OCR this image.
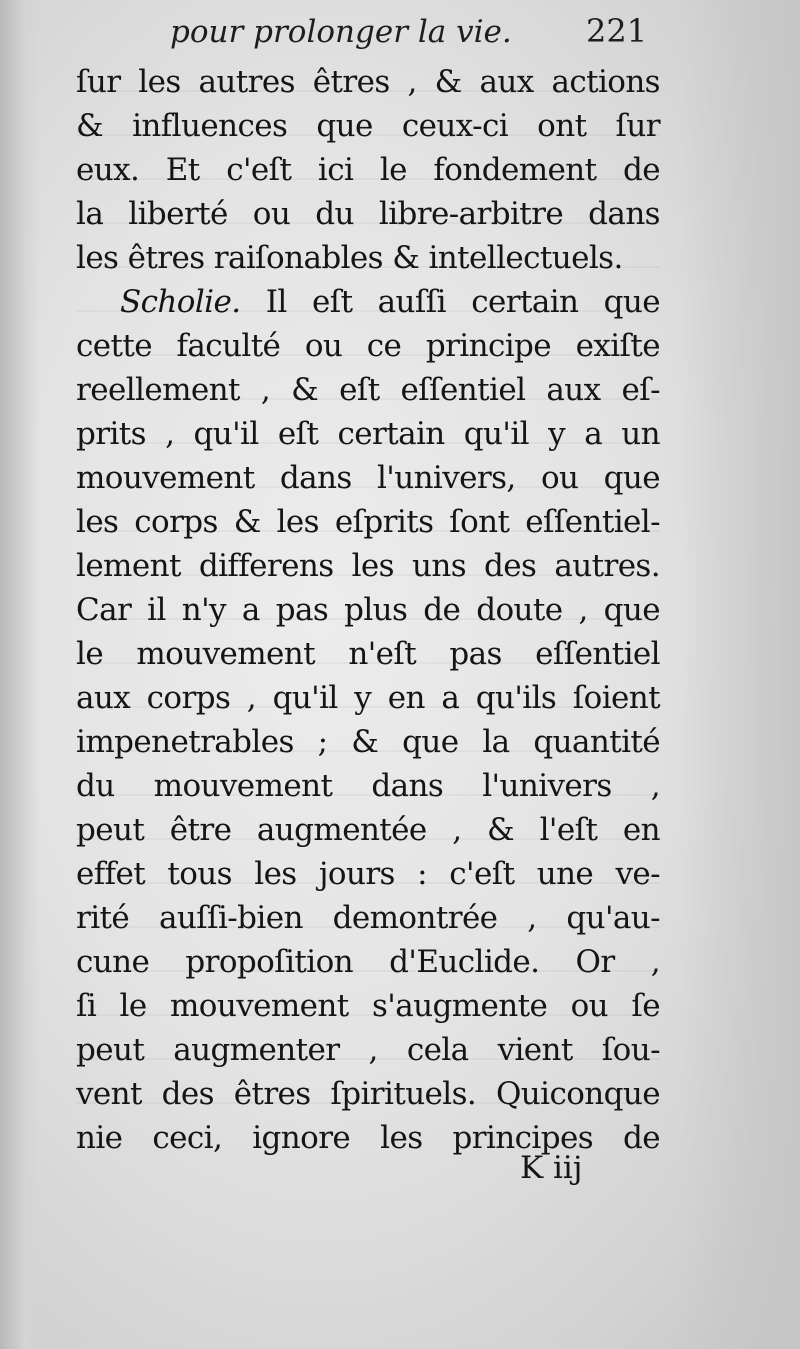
pour prolonger la vie. 221
ſur les autres êtres , & aux actions
& influences que ceux-ci ont ſur
eux. Et c'eſt ici le fondement de
la liberté ou du libre-arbitre dans
les êtres raiſonables & intellectuels.
Scholie. Il eſt auſſi certain que
cette faculté ou ce principe exiſte
reellement , & eſt eſſentiel aux eſ-
prits , qu'il eſt certain qu'il y a un
mouvement dans l'univers, ou que
les corps & les eſprits ſont eſſentiel-
lement differens les uns des autres.
Car il n'y a pas plus de doute , que
le mouvement n'eſt pas eſſentiel
aux corps , qu'il y en a qu'ils ſoient
impenetrables ; & que la quantité
du mouvement dans l'univers ,
peut être augmentée , & l'eſt en
effet tous les jours : c'eſt une ve-
rité auſſi-bien demontrée , qu'au-
cune propoſition d'Euclide. Or ,
ſi le mouvement s'augmente ou ſe
peut augmenter , cela vient ſou-
vent des êtres ſpirituels. Quiconque
nie ceci, ignore les principes de
K iij
